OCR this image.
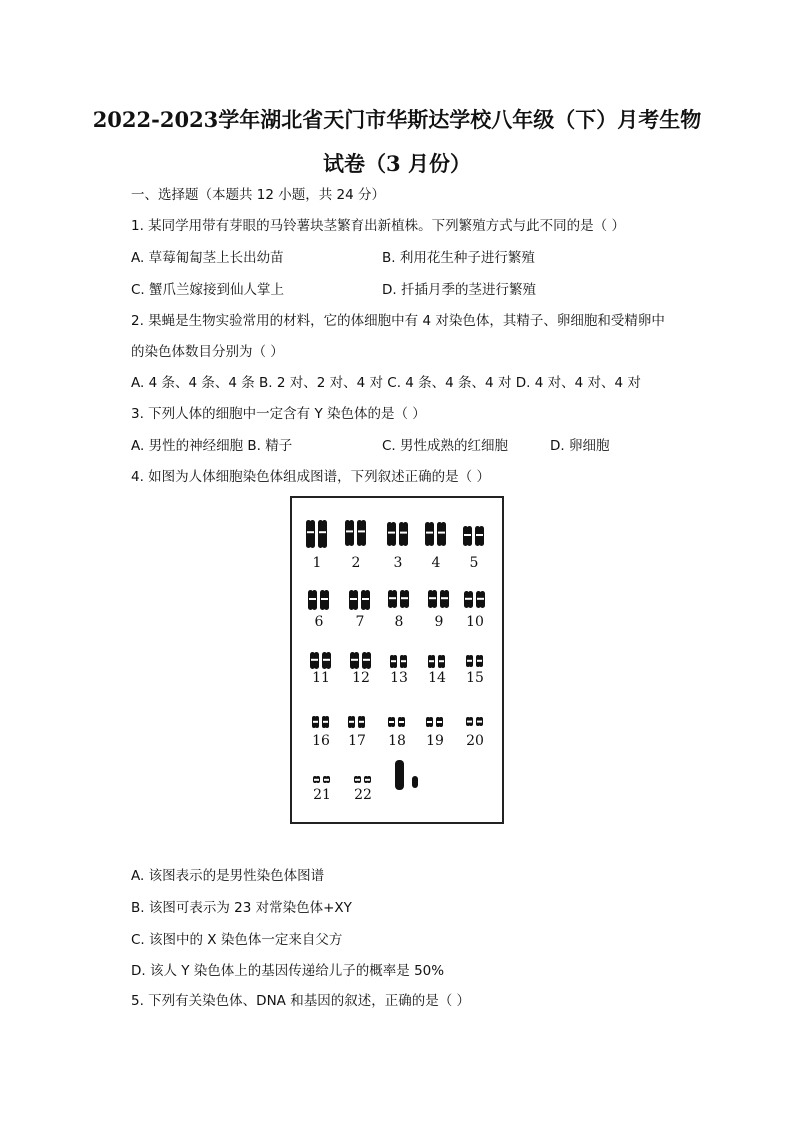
2022-2023学年湖北省天门市华斯达学校八年级（下）月考生物
试卷（3 月份）
一、选择题（本题共 12 小题，共 24 分）
1. 某同学用带有芽眼的马铃薯块茎繁育出新植株。下列繁殖方式与此不同的是（ ）
A. 草莓匍匐茎上长出幼苗	B. 利用花生种子进行繁殖
C. 蟹爪兰嫁接到仙人掌上	D. 扦插月季的茎进行繁殖
2. 果蝇是生物实验常用的材料，它的体细胞中有 4 对染色体，其精子、卵细胞和受精卵中
的染色体数目分别为（ ）
A. 4 条、4 条、4 条 B. 2 对、2 对、4 对 C. 4 条、4 条、4 对 D. 4 对、4 对、4 对
3. 下列人体的细胞中一定含有 Y 染色体的是（ ）
A. 男性的神经细胞 B. 精子	C. 男性成熟的红细胞	D. 卵细胞
4. 如图为人体细胞染色体组成图谱，下列叙述正确的是（ ）
1 2 3 4 5
6 7 8 9 10
11 12 13 14 15
16 17 18 19 20
21 22
A. 该图表示的是男性染色体图谱
B. 该图可表示为 23 对常染色体+XY
C. 该图中的 X 染色体一定来自父方
D. 该人 Y 染色体上的基因传递给儿子的概率是 50%
5. 下列有关染色体、DNA 和基因的叙述，正确的是（ ）
